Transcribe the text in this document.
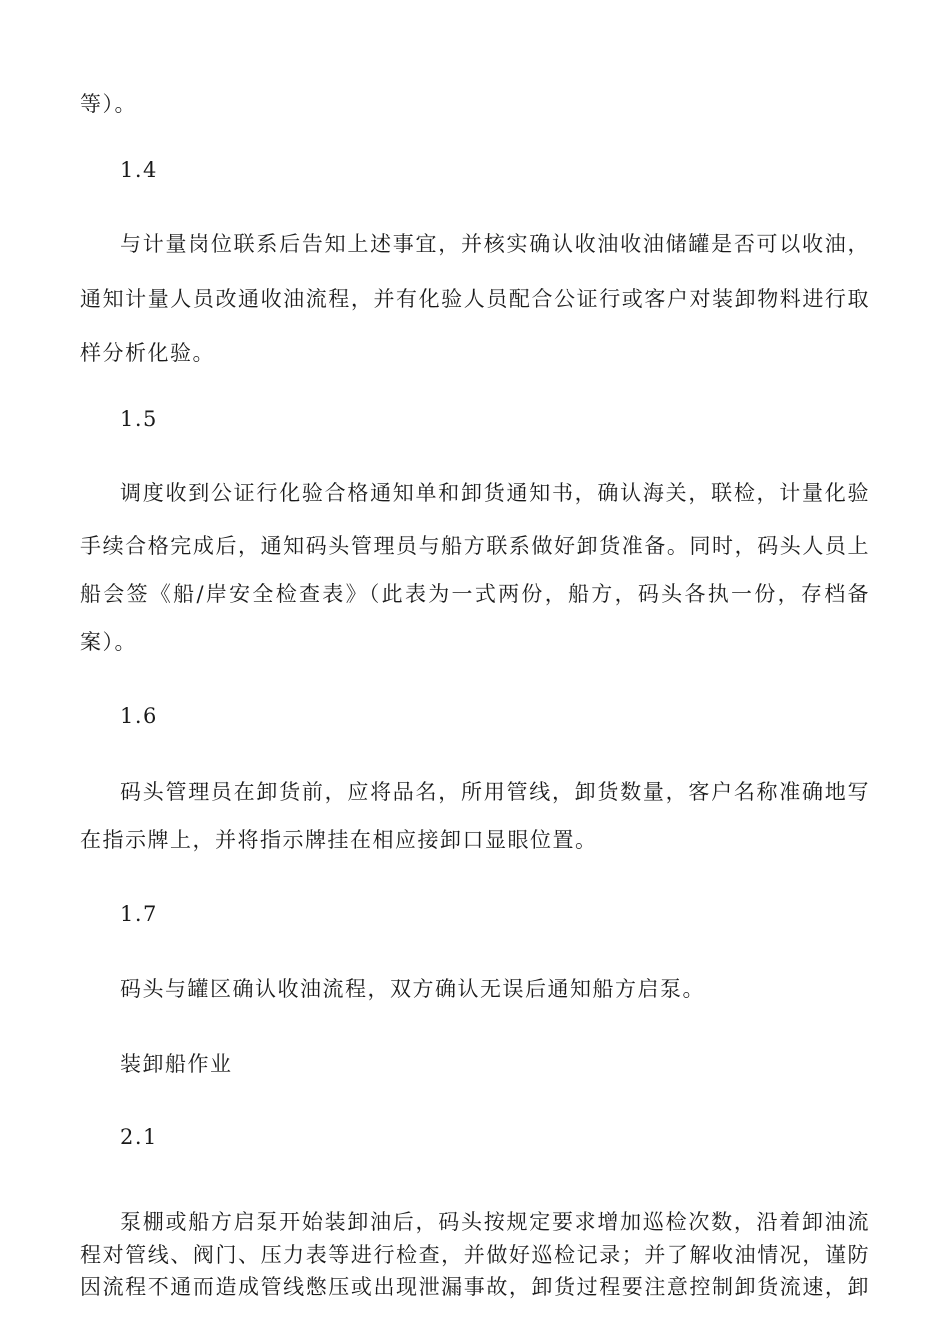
等）。

1.4

与计量岗位联系后告知上述事宜，并核实确认收油收油储罐是否可以收油，

通知计量人员改通收油流程，并有化验人员配合公证行或客户对装卸物料进行取

样分析化验。

1.5

调度收到公证行化验合格通知单和卸货通知书，确认海关，联检，计量化验

手续合格完成后，通知码头管理员与船方联系做好卸货准备。同时，码头人员上

船会签《船/岸安全检查表》（此表为一式两份，船方，码头各执一份，存档备

案）。

1.6

码头管理员在卸货前，应将品名，所用管线，卸货数量，客户名称准确地写

在指示牌上，并将指示牌挂在相应接卸口显眼位置。

1.7

码头与罐区确认收油流程，双方确认无误后通知船方启泵。

装卸船作业

2.1

泵棚或船方启泵开始装卸油后，码头按规定要求增加巡检次数，沿着卸油流

程对管线、阀门、压力表等进行检查，并做好巡检记录；并了解收油情况，谨防

因流程不通而造成管线憋压或出现泄漏事故，卸货过程要注意控制卸货流速，卸
